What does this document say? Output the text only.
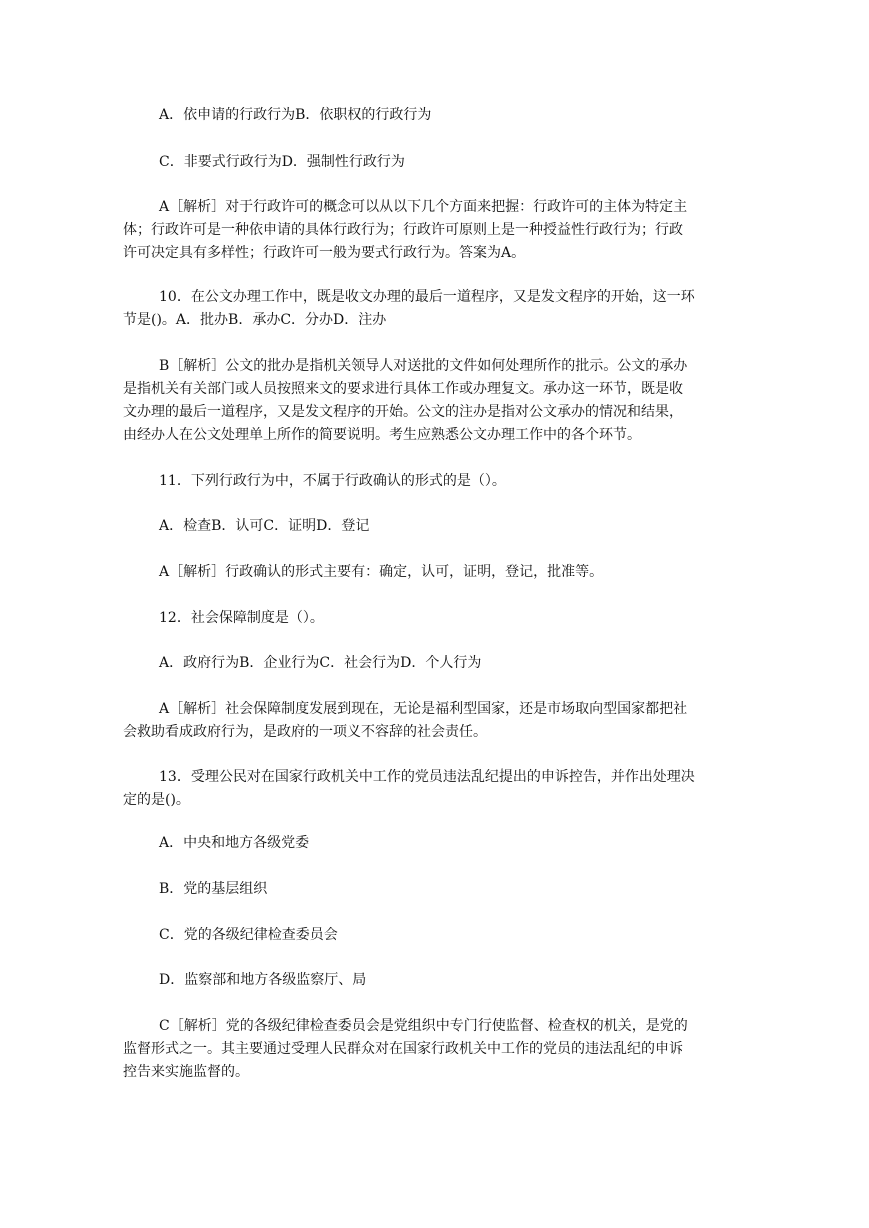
A．依申请的行政行为B．依职权的行政行为

C．非要式行政行为D．强制性行政行为

A［解析］对于行政许可的概念可以从以下几个方面来把握：行政许可的主体为特定主
体；行政许可是一种依申请的具体行政行为；行政许可原则上是一种授益性行政行为；行政
许可决定具有多样性；行政许可一般为要式行政行为。答案为A。

10．在公文办理工作中，既是收文办理的最后一道程序，又是发文程序的开始，这一环
节是()。A．批办B．承办C．分办D．注办

B［解析］公文的批办是指机关领导人对送批的文件如何处理所作的批示。公文的承办
是指机关有关部门或人员按照来文的要求进行具体工作或办理复文。承办这一环节，既是收
文办理的最后一道程序，又是发文程序的开始。公文的注办是指对公文承办的情况和结果，
由经办人在公文处理单上所作的简要说明。考生应熟悉公文办理工作中的各个环节。

11．下列行政行为中，不属于行政确认的形式的是（）。

A．检查B．认可C．证明D．登记

A［解析］行政确认的形式主要有：确定，认可，证明，登记，批准等。

12．社会保障制度是（）。

A．政府行为B．企业行为C．社会行为D．个人行为

A［解析］社会保障制度发展到现在，无论是福利型国家，还是市场取向型国家都把社
会救助看成政府行为，是政府的一项义不容辞的社会责任。

13．受理公民对在国家行政机关中工作的党员违法乱纪提出的申诉控告，并作出处理决
定的是()。

A．中央和地方各级党委

B．党的基层组织

C．党的各级纪律检查委员会

D．监察部和地方各级监察厅、局

C［解析］党的各级纪律检查委员会是党组织中专门行使监督、检查权的机关，是党的
监督形式之一。其主要通过受理人民群众对在国家行政机关中工作的党员的违法乱纪的申诉
控告来实施监督的。
